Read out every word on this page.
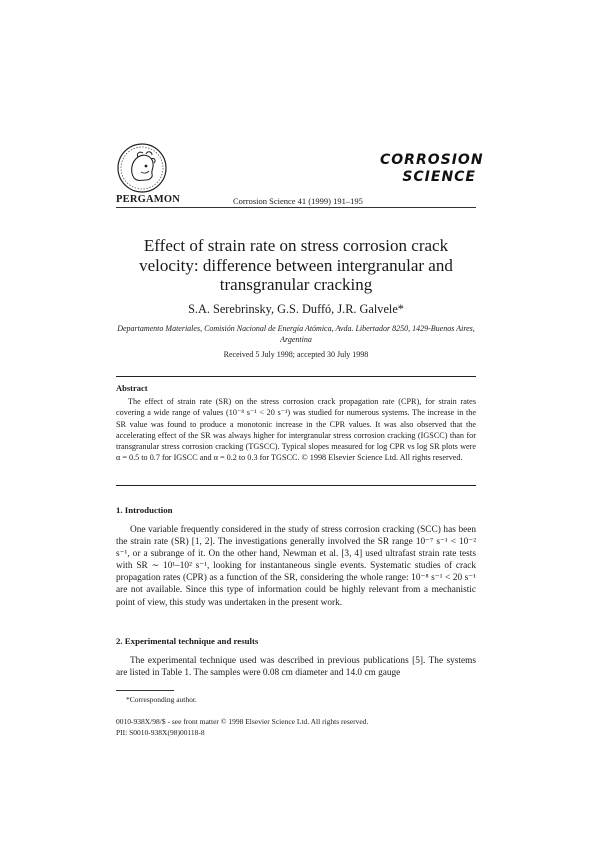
PERGAMON	Corrosion Science 41 (1999) 191–195
CORROSION
SCIENCE
Effect of strain rate on stress corrosion crack velocity: difference between intergranular and transgranular cracking
S.A. Serebrinsky, G.S. Duffó, J.R. Galvele*
Departamento Materiales, Comisión Nacional de Energía Atómica, Avda. Libertador 8250, 1429-Buenos Aires, Argentina
Received 5 July 1998; accepted 30 July 1998
Abstract
The effect of strain rate (SR) on the stress corrosion crack propagation rate (CPR), for strain rates covering a wide range of values (10⁻⁸ s⁻¹ < 20 s⁻¹) was studied for numerous systems. The increase in the SR value was found to produce a monotonic increase in the CPR values. It was also observed that the accelerating effect of the SR was always higher for intergranular stress corrosion cracking (IGSCC) than for transgranular stress corrosion cracking (TGSCC). Typical slopes measured for log CPR vs log SR plots were α = 0.5 to 0.7 for IGSCC and α = 0.2 to 0.3 for TGSCC. © 1998 Elsevier Science Ltd. All rights reserved.
1. Introduction
One variable frequently considered in the study of stress corrosion cracking (SCC) has been the strain rate (SR) [1, 2]. The investigations generally involved the SR range 10⁻⁷ s⁻¹ < 10⁻² s⁻¹, or a subrange of it. On the other hand, Newman et al. [3, 4] used ultrafast strain rate tests with SR ∼ 10¹–10² s⁻¹, looking for instantaneous single events. Systematic studies of crack propagation rates (CPR) as a function of the SR, considering the whole range: 10⁻⁸ s⁻¹ < 20 s⁻¹ are not available. Since this type of information could be highly relevant from a mechanistic point of view, this study was undertaken in the present work.
2. Experimental technique and results
The experimental technique used was described in previous publications [5]. The systems are listed in Table 1. The samples were 0.08 cm diameter and 14.0 cm gauge
*Corresponding author.
0010-938X/98/$ - see front matter © 1998 Elsevier Science Ltd. All rights reserved.
PII: S0010-938X(98)00118-8
